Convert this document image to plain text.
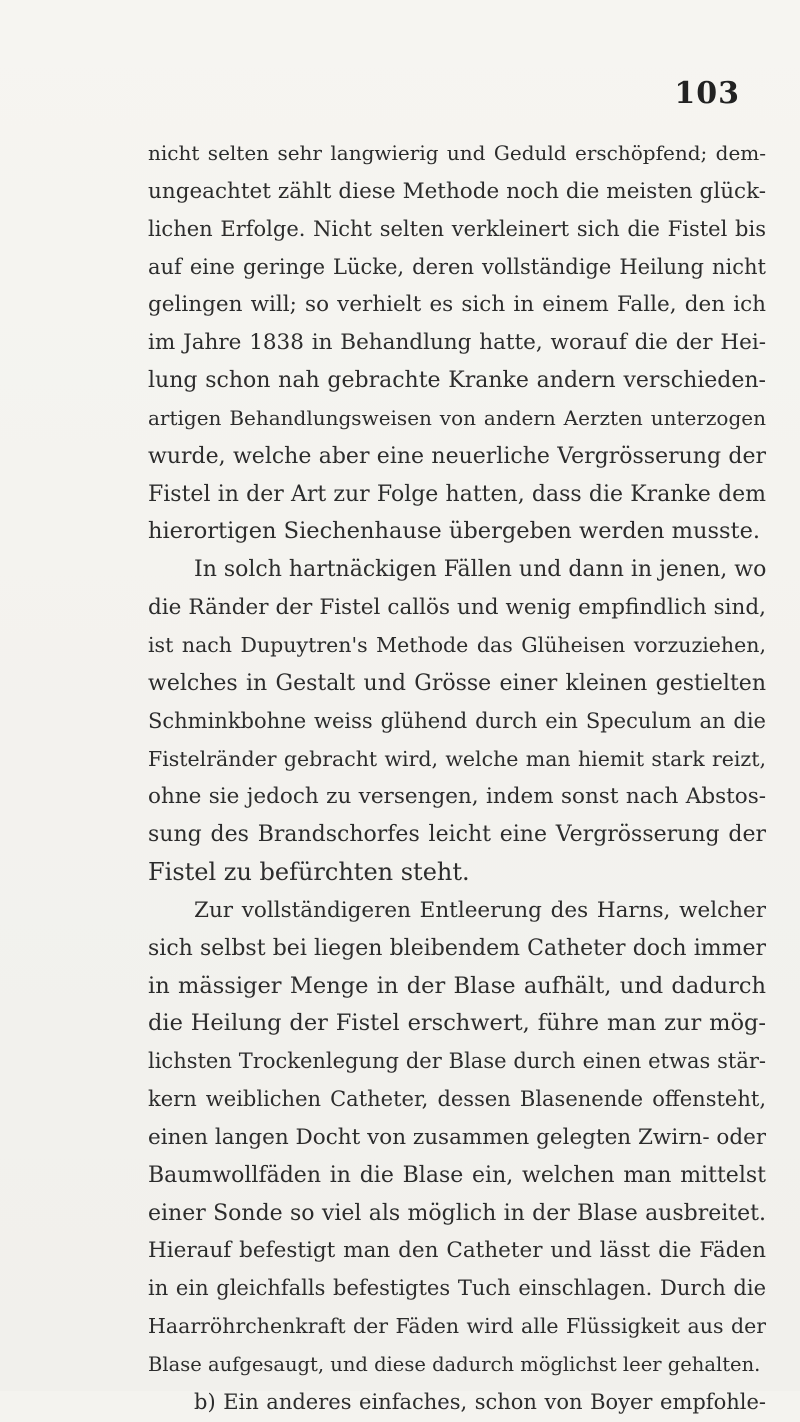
103
nicht selten sehr langwierig und Geduld erschöpfend; dem-
ungeachtet zählt diese Methode noch die meisten glück-
lichen Erfolge. Nicht selten verkleinert sich die Fistel bis
auf eine geringe Lücke, deren vollständige Heilung nicht
gelingen will; so verhielt es sich in einem Falle, den ich
im Jahre 1838 in Behandlung hatte, worauf die der Hei-
lung schon nah gebrachte Kranke andern verschieden-
artigen Behandlungsweisen von andern Aerzten unterzogen
wurde, welche aber eine neuerliche Vergrösserung der
Fistel in der Art zur Folge hatten, dass die Kranke dem
hierortigen Siechenhause übergeben werden musste.
In solch hartnäckigen Fällen und dann in jenen, wo
die Ränder der Fistel callös und wenig empfindlich sind,
ist nach Dupuytren's Methode das Glüheisen vorzuziehen,
welches in Gestalt und Grösse einer kleinen gestielten
Schminkbohne weiss glühend durch ein Speculum an die
Fistelränder gebracht wird, welche man hiemit stark reizt,
ohne sie jedoch zu versengen, indem sonst nach Abstos-
sung des Brandschorfes leicht eine Vergrösserung der
Fistel zu befürchten steht.
Zur vollständigeren Entleerung des Harns, welcher
sich selbst bei liegen bleibendem Catheter doch immer
in mässiger Menge in der Blase aufhält, und dadurch
die Heilung der Fistel erschwert, führe man zur mög-
lichsten Trockenlegung der Blase durch einen etwas stär-
kern weiblichen Catheter, dessen Blasenende offensteht,
einen langen Docht von zusammen gelegten Zwirn- oder
Baumwollfäden in die Blase ein, welchen man mittelst
einer Sonde so viel als möglich in der Blase ausbreitet.
Hierauf befestigt man den Catheter und lässt die Fäden
in ein gleichfalls befestigtes Tuch einschlagen. Durch die
Haarröhrchenkraft der Fäden wird alle Flüssigkeit aus der
Blase aufgesaugt, und diese dadurch möglichst leer gehalten.
b) Ein anderes einfaches, schon von Boyer empfohle-
